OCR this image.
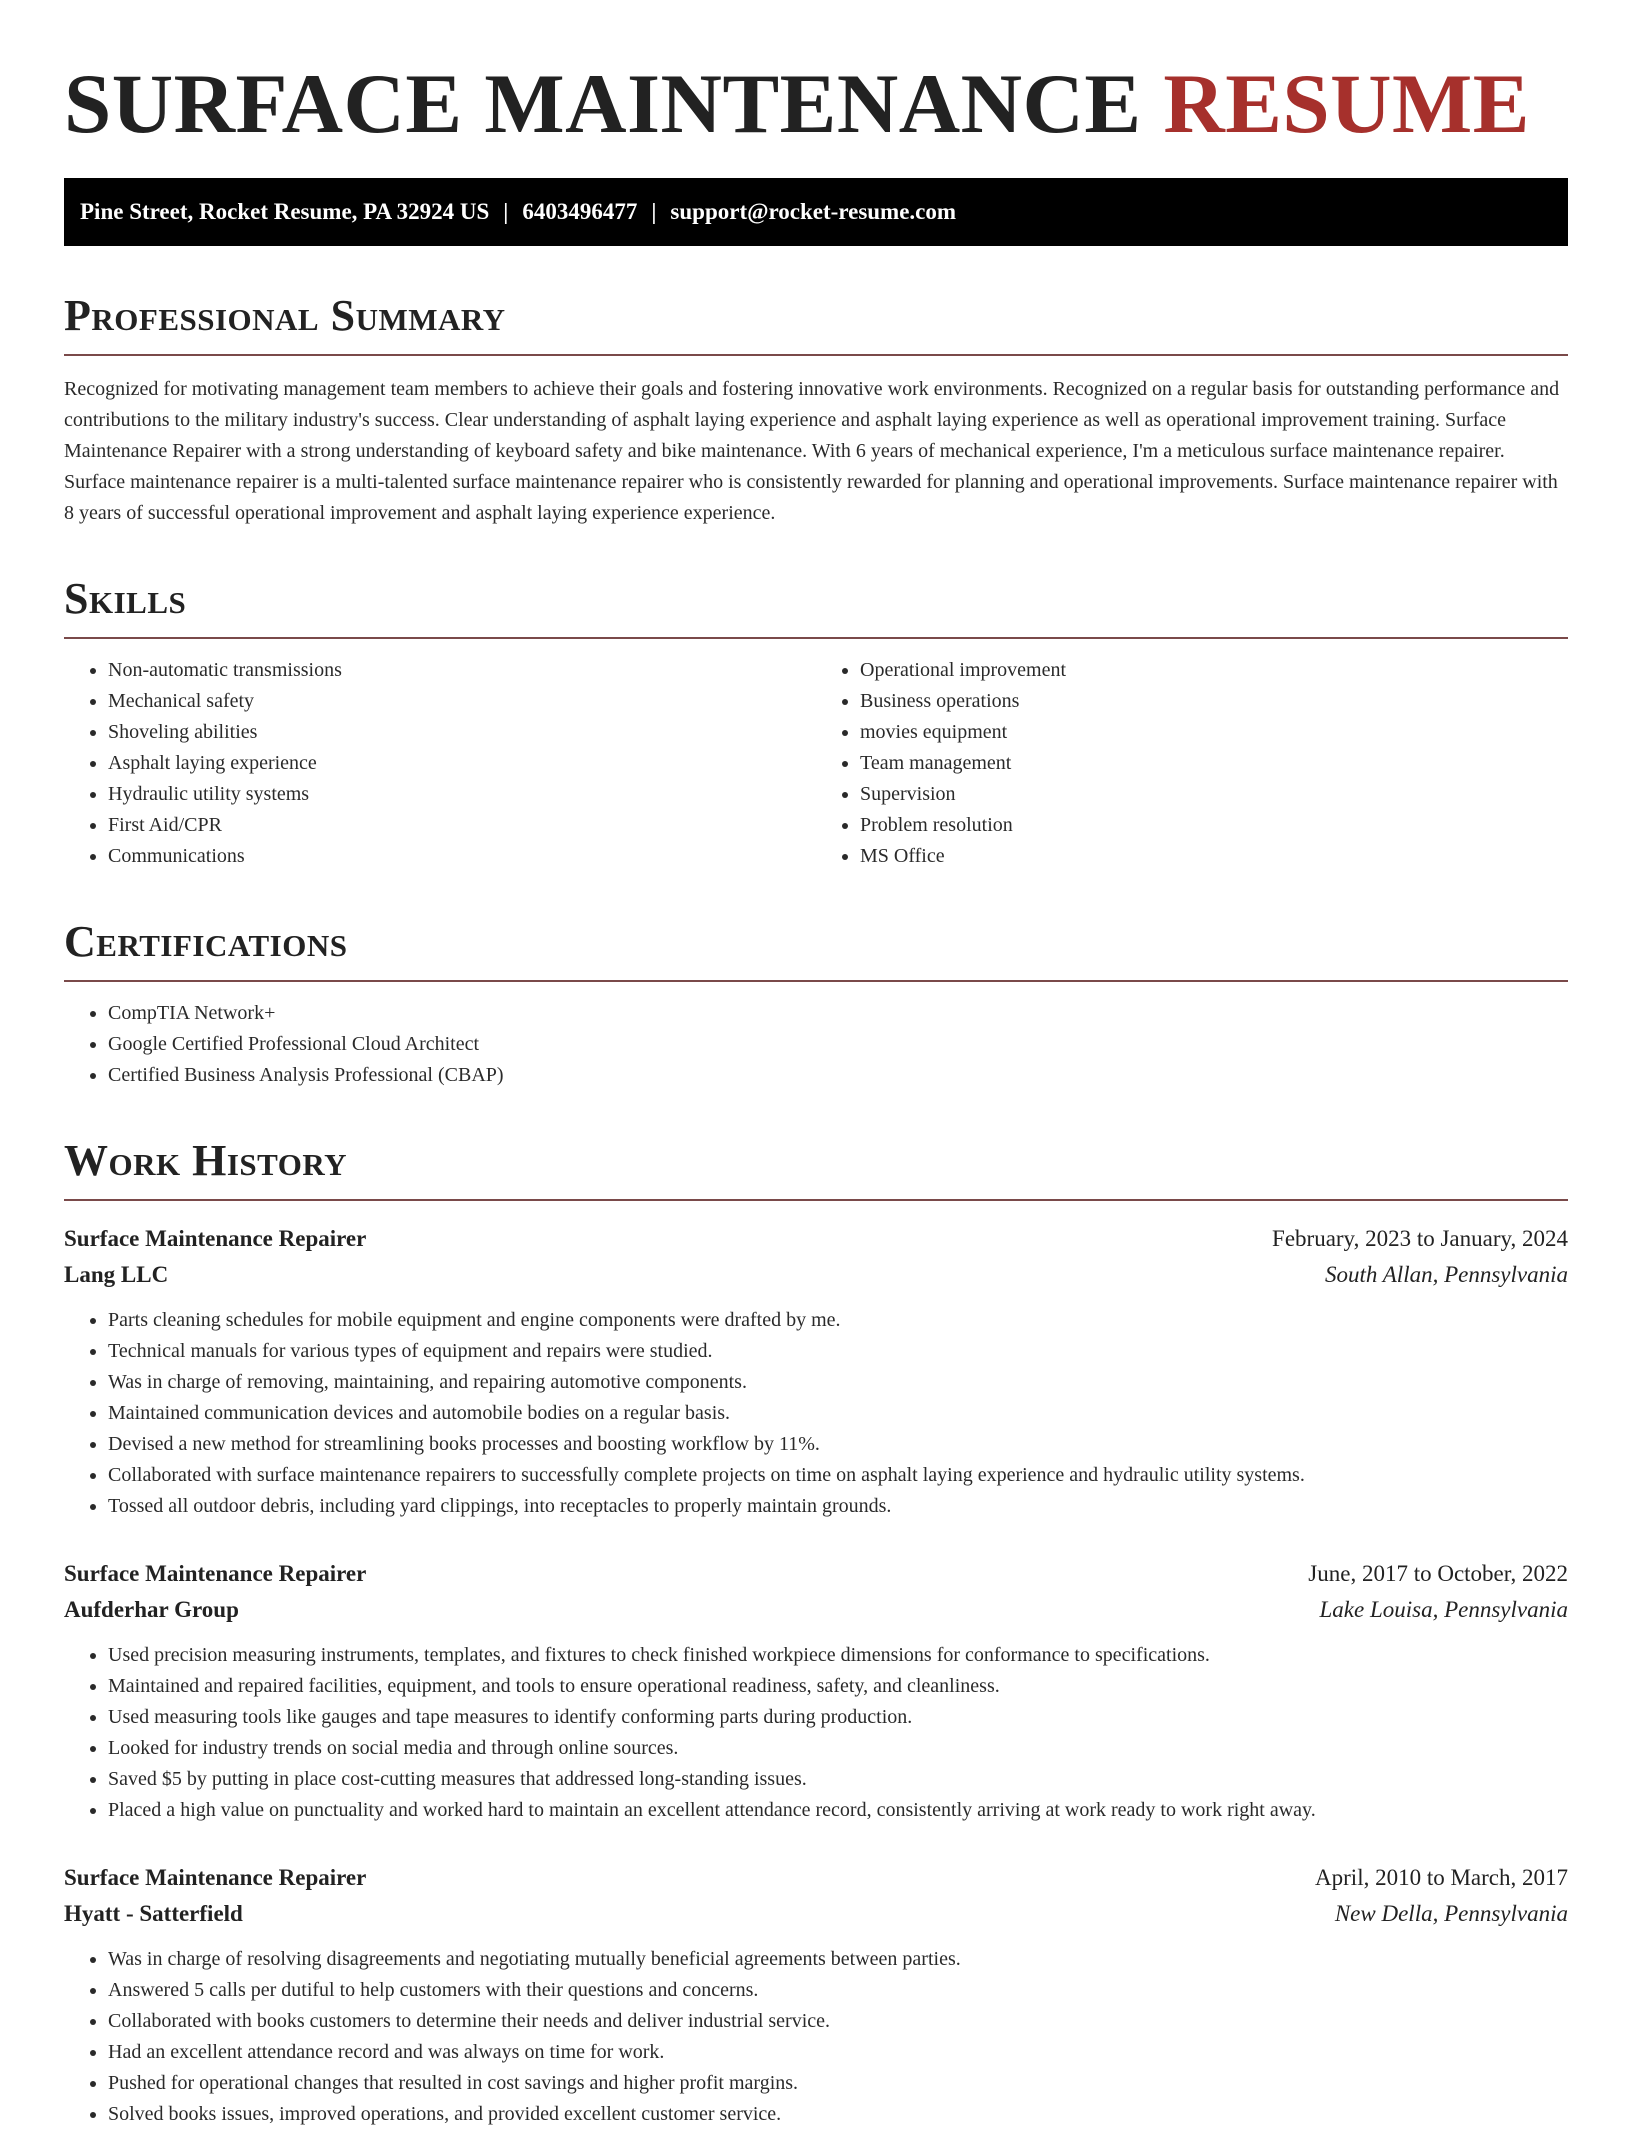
SURFACE MAINTENANCE RESUME
Pine Street, Rocket Resume, PA 32924 US | 6403496477 | support@rocket-resume.com
Professional Summary

Recognized for motivating management team members to achieve their goals and fostering innovative work environments. Recognized on a regular basis for outstanding performance and contributions to the military industry's success. Clear understanding of asphalt laying experience and asphalt laying experience as well as operational improvement training. Surface Maintenance Repairer with a strong understanding of keyboard safety and bike maintenance. With 6 years of mechanical experience, I'm a meticulous surface maintenance repairer. Surface maintenance repairer is a multi-talented surface maintenance repairer who is consistently rewarded for planning and operational improvements. Surface maintenance repairer with 8 years of successful operational improvement and asphalt laying experience experience.

Skills
• Non-automatic transmissions
• Mechanical safety
• Shoveling abilities
• Asphalt laying experience
• Hydraulic utility systems
• First Aid/CPR
• Communications
• Operational improvement
• Business operations
• movies equipment
• Team management
• Supervision
• Problem resolution
• MS Office
Certifications
• CompTIA Network+
• Google Certified Professional Cloud Architect
• Certified Business Analysis Professional (CBAP)
Work History
Surface Maintenance Repairer	February, 2023 to January, 2024
Lang LLC	South Allan, Pennsylvania
• Parts cleaning schedules for mobile equipment and engine components were drafted by me.
• Technical manuals for various types of equipment and repairs were studied.
• Was in charge of removing, maintaining, and repairing automotive components.
• Maintained communication devices and automobile bodies on a regular basis.
• Devised a new method for streamlining books processes and boosting workflow by 11%.
• Collaborated with surface maintenance repairers to successfully complete projects on time on asphalt laying experience and hydraulic utility systems.
• Tossed all outdoor debris, including yard clippings, into receptacles to properly maintain grounds.
Surface Maintenance Repairer	June, 2017 to October, 2022
Aufderhar Group	Lake Louisa, Pennsylvania
• Used precision measuring instruments, templates, and fixtures to check finished workpiece dimensions for conformance to specifications.
• Maintained and repaired facilities, equipment, and tools to ensure operational readiness, safety, and cleanliness.
• Used measuring tools like gauges and tape measures to identify conforming parts during production.
• Looked for industry trends on social media and through online sources.
• Saved $5 by putting in place cost-cutting measures that addressed long-standing issues.
• Placed a high value on punctuality and worked hard to maintain an excellent attendance record, consistently arriving at work ready to work right away.
Surface Maintenance Repairer	April, 2010 to March, 2017
Hyatt - Satterfield	New Della, Pennsylvania
• Was in charge of resolving disagreements and negotiating mutually beneficial agreements between parties.
• Answered 5 calls per dutiful to help customers with their questions and concerns.
• Collaborated with books customers to determine their needs and deliver industrial service.
• Had an excellent attendance record and was always on time for work.
• Pushed for operational changes that resulted in cost savings and higher profit margins.
• Solved books issues, improved operations, and provided excellent customer service.
